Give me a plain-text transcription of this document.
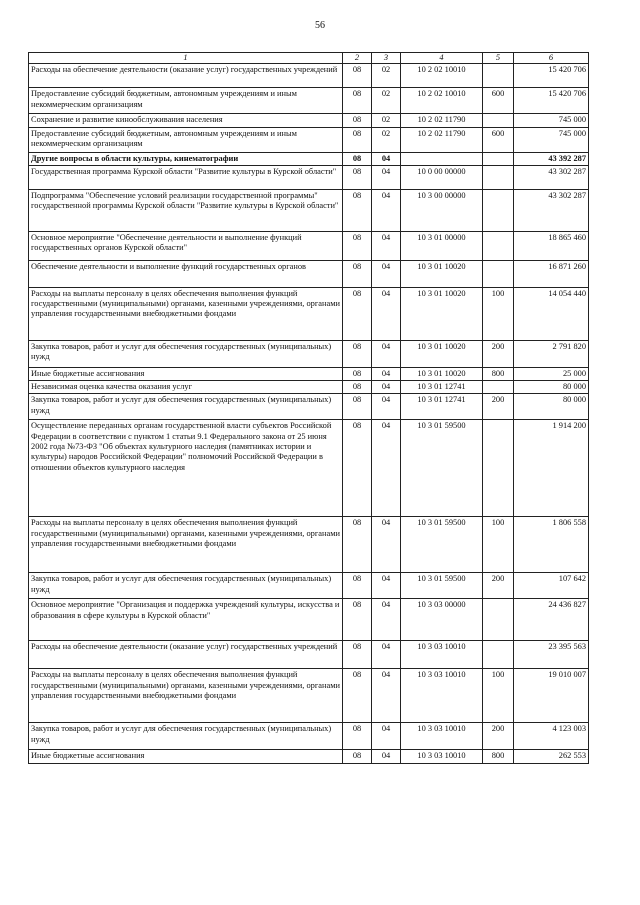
56
1	2	3	4	5	6
Расходы на обеспечение деятельности (оказание услуг) государственных учреждений	08	02	10 2 02 10010		15 420 706
Предоставление субсидий бюджетным, автономным учреждениям и иным некоммерческим организациям	08	02	10 2 02 10010	600	15 420 706
Сохранение и развитие кинообслуживания населения	08	02	10 2 02 11790		745 000
Предоставление субсидий бюджетным, автономным учреждениям и иным некоммерческим организациям	08	02	10 2 02 11790	600	745 000
Другие вопросы в области культуры, кинематографии	08	04			43 392 287
Государственная программа Курской области "Развитие культуры в Курской области"	08	04	10 0 00 00000		43 302 287
Подпрограмма "Обеспечение условий реализации государственной программы" государственной программы Курской области "Развитие культуры в Курской области"	08	04	10 3 00 00000		43 302 287
Основное мероприятие "Обеспечение деятельности и выполнение функций государственных органов Курской области"	08	04	10 3 01 00000		18 865 460
Обеспечение деятельности и выполнение функций государственных органов	08	04	10 3 01 10020		16 871 260
Расходы на выплаты персоналу в целях обеспечения выполнения функций государственными (муниципальными) органами, казенными учреждениями, органами управления государственными внебюджетными фондами	08	04	10 3 01 10020	100	14 054 440
Закупка товаров, работ и услуг для обеспечения государственных (муниципальных) нужд	08	04	10 3 01 10020	200	2 791 820
Иные бюджетные ассигнования	08	04	10 3 01 10020	800	25 000
Независимая оценка качества оказания услуг	08	04	10 3 01 12741		80 000
Закупка товаров, работ и услуг для обеспечения государственных (муниципальных) нужд	08	04	10 3 01 12741	200	80 000
Осуществление переданных органам государственной власти субъектов Российской Федерации в соответствии с пунктом 1 статьи 9.1 Федерального закона от 25 июня 2002 года №73-ФЗ "Об объектах культурного наследия (памятниках истории и культуры) народов Российской Федерации" полномочий Российской Федерации в отношении объектов культурного наследия	08	04	10 3 01 59500		1 914 200
Расходы на выплаты персоналу в целях обеспечения выполнения функций государственными (муниципальными) органами, казенными учреждениями, органами управления государственными внебюджетными фондами	08	04	10 3 01 59500	100	1 806 558
Закупка товаров, работ и услуг для обеспечения государственных (муниципальных) нужд	08	04	10 3 01 59500	200	107 642
Основное мероприятие "Организация и поддержка учреждений культуры, искусства и образования в сфере культуры в Курской области"	08	04	10 3 03 00000		24 436 827
Расходы на обеспечение деятельности (оказание услуг) государственных учреждений	08	04	10 3 03 10010		23 395 563
Расходы на выплаты персоналу в целях обеспечения выполнения функций государственными (муниципальными) органами, казенными учреждениями, органами управления государственными внебюджетными фондами	08	04	10 3 03 10010	100	19 010 007
Закупка товаров, работ и услуг для обеспечения государственных (муниципальных) нужд	08	04	10 3 03 10010	200	4 123 003
Иные бюджетные ассигнования	08	04	10 3 03 10010	800	262 553
